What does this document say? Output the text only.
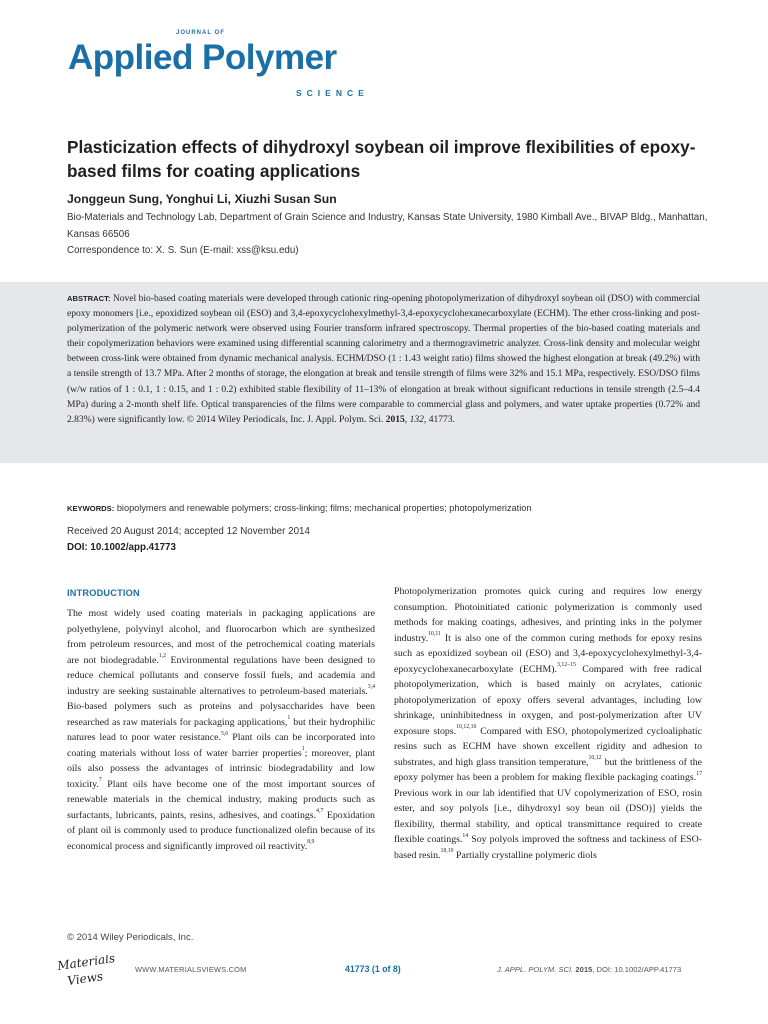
JOURNAL OF
Applied Polymer
SCIENCE
Plasticization effects of dihydroxyl soybean oil improve flexibilities of epoxy-based films for coating applications
Jonggeun Sung, Yonghui Li, Xiuzhi Susan Sun
Bio-Materials and Technology Lab, Department of Grain Science and Industry, Kansas State University, 1980 Kimball Ave., BIVAP Bldg., Manhattan, Kansas 66506
Correspondence to: X. S. Sun (E-mail: xss@ksu.edu)
ABSTRACT: Novel bio-based coating materials were developed through cationic ring-opening photopolymerization of dihydroxyl soybean oil (DSO) with commercial epoxy monomers [i.e., epoxidized soybean oil (ESO) and 3,4-epoxycyclohexylmethyl-3,4-epoxycyclohexanecarboxylate (ECHM). The ether cross-linking and post-polymerization of the polymeric network were observed using Fourier transform infrared spectroscopy. Thermal properties of the bio-based coating materials and their copolymerization behaviors were examined using differential scanning calorimetry and a thermogravimetric analyzer. Cross-link density and molecular weight between cross-link were obtained from dynamic mechanical analysis. ECHM/DSO (1 : 1.43 weight ratio) films showed the highest elongation at break (49.2%) with a tensile strength of 13.7 MPa. After 2 months of storage, the elongation at break and tensile strength of films were 32% and 15.1 MPa, respectively. ESO/DSO films (w/w ratios of 1 : 0.1, 1 : 0.15, and 1 : 0.2) exhibited stable flexibility of 11–13% of elongation at break without significant reductions in tensile strength (2.5–4.4 MPa) during a 2-month shelf life. Optical transparencies of the films were comparable to commercial glass and polymers, and water uptake properties (0.72% and 2.83%) were significantly low. © 2014 Wiley Periodicals, Inc. J. Appl. Polym. Sci. 2015, 132, 41773.
KEYWORDS: biopolymers and renewable polymers; cross-linking; films; mechanical properties; photopolymerization
Received 20 August 2014; accepted 12 November 2014
DOI: 10.1002/app.41773
INTRODUCTION
The most widely used coating materials in packaging applications are polyethylene, polyvinyl alcohol, and fluorocarbon which are synthesized from petroleum resources, and most of the petrochemical coating materials are not biodegradable.$^{1,2}$ Environmental regulations have been designed to reduce chemical pollutants and conserve fossil fuels, and academia and industry are seeking sustainable alternatives to petroleum-based materials.$^{3,4}$ Bio-based polymers such as proteins and polysaccharides have been researched as raw materials for packaging applications,$^1$ but their hydrophilic natures lead to poor water resistance.$^{5,6}$ Plant oils can be incorporated into coating materials without loss of water barrier properties$^1$; moreover, plant oils also possess the advantages of intrinsic biodegradability and low toxicity.$^7$ Plant oils have become one of the most important sources of renewable materials in the chemical industry, making products such as surfactants, lubricants, paints, resins, adhesives, and coatings.$^{4,7}$ Epoxidation of plant oil is commonly used to produce functionalized olefin because of its economical process and significantly improved oil reactivity.$^{8,9}$
Photopolymerization promotes quick curing and requires low energy consumption. Photoinitiated cationic polymerization is commonly used methods for making coatings, adhesives, and printing inks in the polymer industry.$^{10,11}$ It is also one of the common curing methods for epoxy resins such as epoxidized soybean oil (ESO) and 3,4-epoxycyclohexylmethyl-3,4-epoxycyclohexanecarboxylate (ECHM).$^{3,12-15}$ Compared with free radical photopolymerization, which is based mainly on acrylates, cationic photopolymerization of epoxy offers several advantages, including low shrinkage, uninhibitedness in oxygen, and post-polymerization after UV exposure stops.$^{10,12,16}$ Compared with ESO, photopolymerized cycloaliphatic resins such as ECHM have shown excellent rigidity and adhesion to substrates, and high glass transition temperature,$^{10,12}$ but the brittleness of the epoxy polymer has been a problem for making flexible packaging coatings.$^{17}$ Previous work in our lab identified that UV copolymerization of ESO, rosin ester, and soy polyols [i.e., dihydroxyl soy bean oil (DSO)] yields the flexibility, thermal stability, and optical transmittance required to create flexible coatings.$^{14}$ Soy polyols improved the softness and tackiness of ESO-based resin.$^{18,19}$ Partially crystalline polymeric diols
© 2014 Wiley Periodicals, Inc.
Materials
Views	WWW.MATERIALSVIEWS.COM	41773 (1 of 8)	J. APPL. POLYM. SCI. 2015, DOI: 10.1002/APP.41773
